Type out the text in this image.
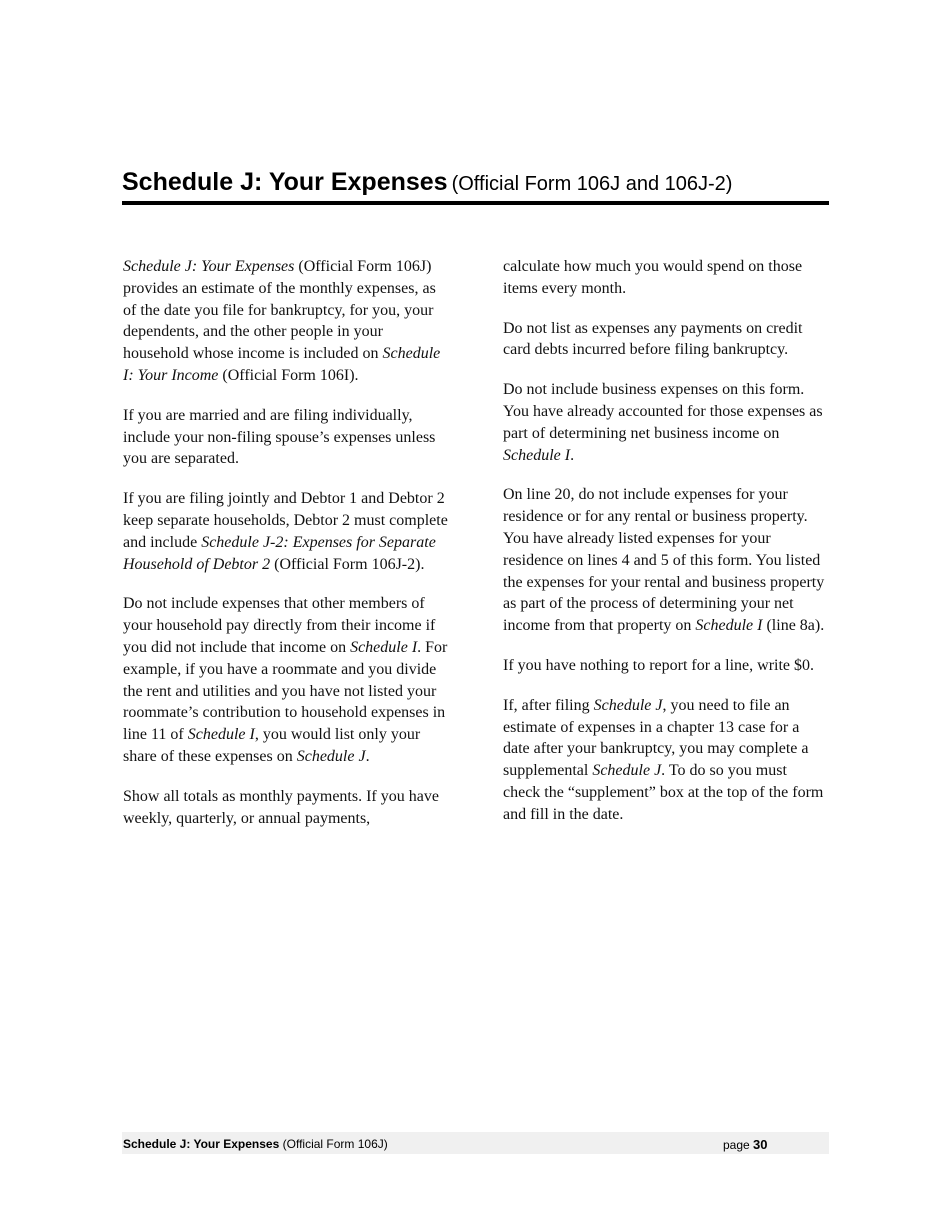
Schedule J: Your Expenses (Official Form 106J and 106J-2)

Schedule J: Your Expenses (Official Form 106J) provides an estimate of the monthly expenses, as of the date you file for bankruptcy, for you, your dependents, and the other people in your household whose income is included on Schedule I: Your Income (Official Form 106I).

If you are married and are filing individually, include your non-filing spouse’s expenses unless you are separated.

If you are filing jointly and Debtor 1 and Debtor 2 keep separate households, Debtor 2 must complete and include Schedule J-2: Expenses for Separate Household of Debtor 2 (Official Form 106J-2).

Do not include expenses that other members of your household pay directly from their income if you did not include that income on Schedule I. For example, if you have a roommate and you divide the rent and utilities and you have not listed your roommate’s contribution to household expenses in line 11 of Schedule I, you would list only your share of these expenses on Schedule J.

Show all totals as monthly payments. If you have weekly, quarterly, or annual payments,

calculate how much you would spend on those items every month.

Do not list as expenses any payments on credit card debts incurred before filing bankruptcy.

Do not include business expenses on this form. You have already accounted for those expenses as part of determining net business income on Schedule I.

On line 20, do not include expenses for your residence or for any rental or business property. You have already listed expenses for your residence on lines 4 and 5 of this form. You listed the expenses for your rental and business property as part of the process of determining your net income from that property on Schedule I (line 8a).

If you have nothing to report for a line, write $0.

If, after filing Schedule J, you need to file an estimate of expenses in a chapter 13 case for a date after your bankruptcy, you may complete a supplemental Schedule J. To do so you must check the “supplement” box at the top of the form and fill in the date.

Schedule J: Your Expenses (Official Form 106J)	page 30
